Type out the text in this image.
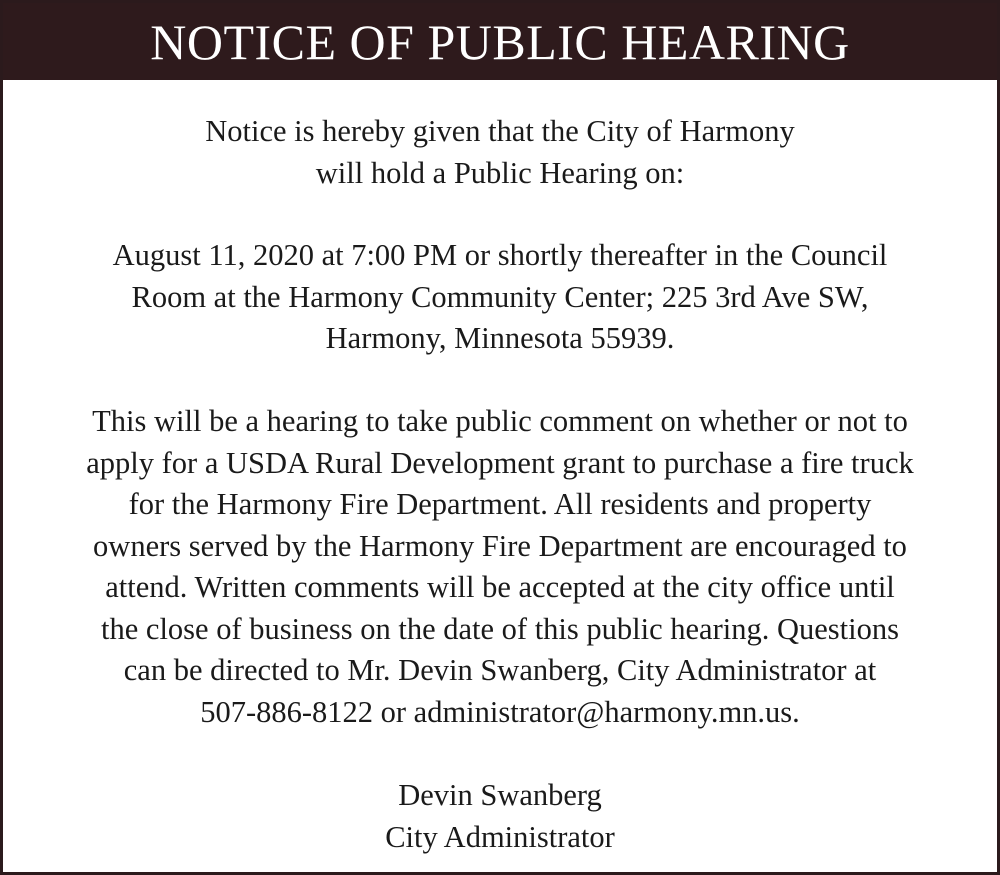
NOTICE OF PUBLIC HEARING

Notice is hereby given that the City of Harmony
will hold a Public Hearing on:

August 11, 2020 at 7:00 PM or shortly thereafter in the Council
Room at the Harmony Community Center; 225 3rd Ave SW,
Harmony, Minnesota 55939.

This will be a hearing to take public comment on whether or not to
apply for a USDA Rural Development grant to purchase a fire truck
for the Harmony Fire Department. All residents and property
owners served by the Harmony Fire Department are encouraged to
attend. Written comments will be accepted at the city office until
the close of business on the date of this public hearing. Questions
can be directed to Mr. Devin Swanberg, City Administrator at
507-886-8122 or administrator@harmony.mn.us.

Devin Swanberg
City Administrator
